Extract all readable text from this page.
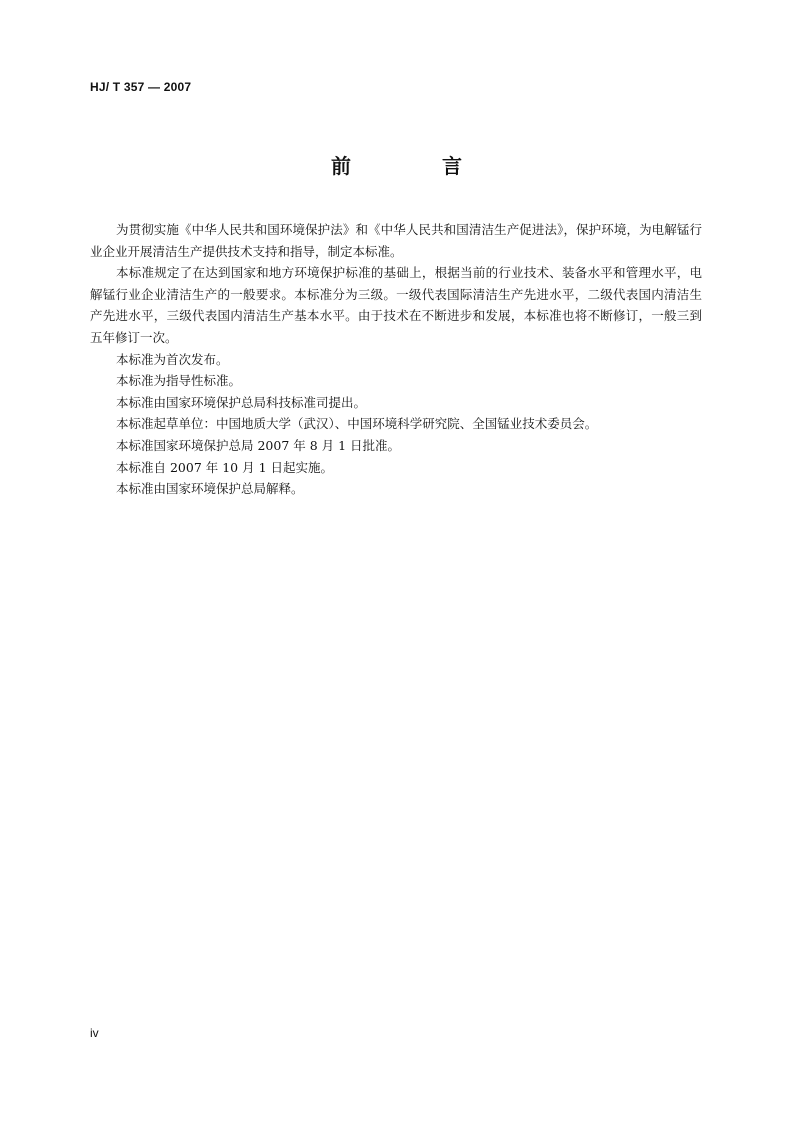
HJ/ T 357 — 2007
前 言

为贯彻实施《中华人民共和国环境保护法》和《中华人民共和国清洁生产促进法》，保护环境，为电解锰行业企业开展清洁生产提供技术支持和指导，制定本标准。

本标准规定了在达到国家和地方环境保护标准的基础上，根据当前的行业技术、装备水平和管理水平，电解锰行业企业清洁生产的一般要求。本标准分为三级。一级代表国际清洁生产先进水平，二级代表国内清洁生产先进水平，三级代表国内清洁生产基本水平。由于技术在不断进步和发展，本标准也将不断修订，一般三到五年修订一次。

本标准为首次发布。

本标准为指导性标准。

本标准由国家环境保护总局科技标准司提出。

本标准起草单位：中国地质大学（武汉）、中国环境科学研究院、全国锰业技术委员会。

本标准国家环境保护总局 2007 年 8 月 1 日批准。

本标准自 2007 年 10 月 1 日起实施。

本标准由国家环境保护总局解释。

iv
